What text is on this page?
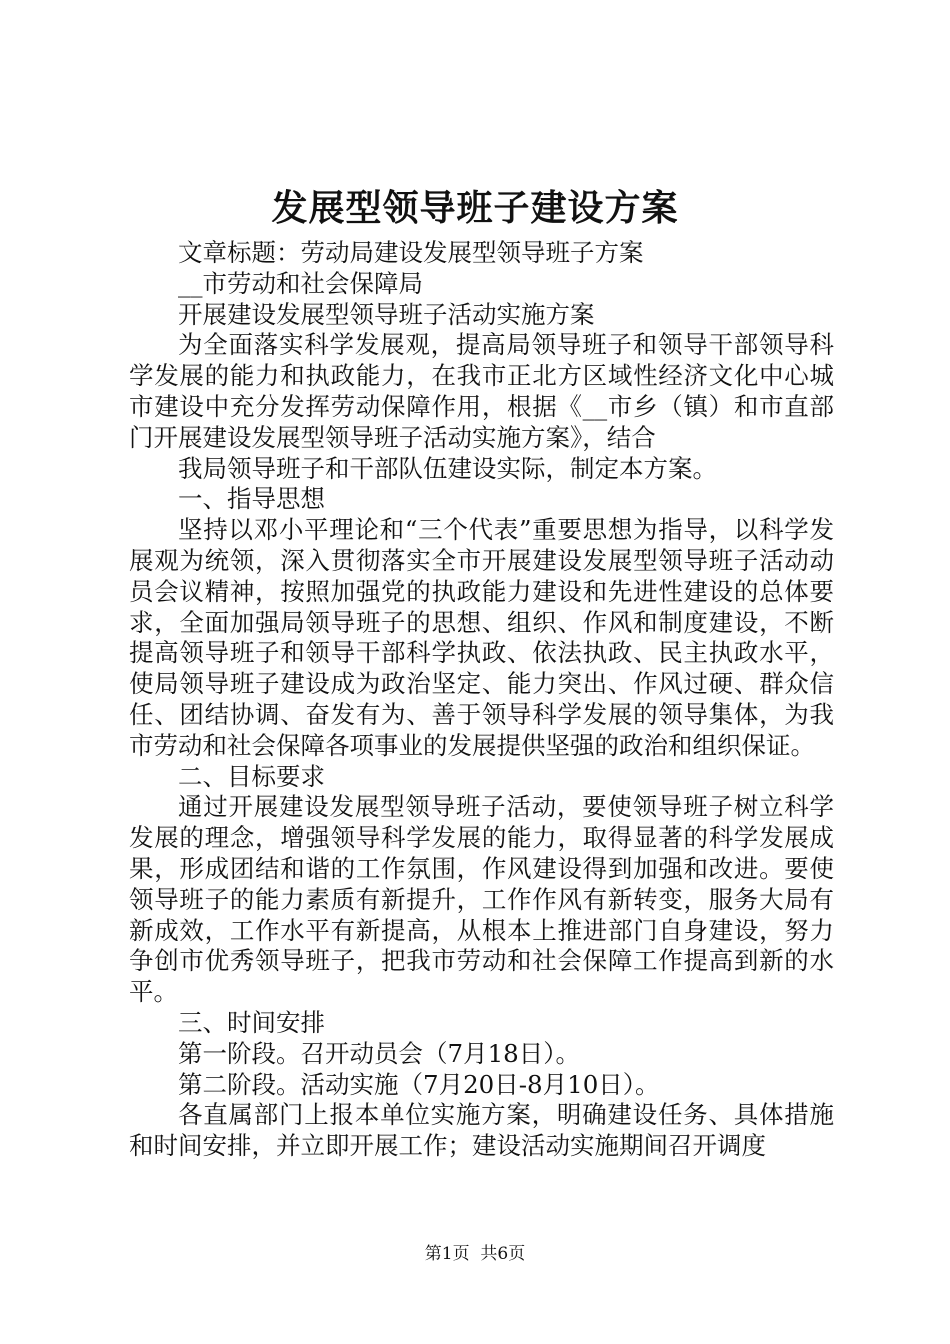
发展型领导班子建设方案

文章标题：劳动局建设发展型领导班子方案

__市劳动和社会保障局

开展建设发展型领导班子活动实施方案

为全面落实科学发展观，提高局领导班子和领导干部领导科学发展的能力和执政能力，在我市正北方区域性经济文化中心城市建设中充分发挥劳动保障作用，根据《__市乡（镇）和市直部门开展建设发展型领导班子活动实施方案》，结合

我局领导班子和干部队伍建设实际，制定本方案。

一、指导思想

坚持以邓小平理论和“三个代表”重要思想为指导，以科学发展观为统领，深入贯彻落实全市开展建设发展型领导班子活动动员会议精神，按照加强党的执政能力建设和先进性建设的总体要求，全面加强局领导班子的思想、组织、作风和制度建设，不断提高领导班子和领导干部科学执政、依法执政、民主执政水平，使局领导班子建设成为政治坚定、能力突出、作风过硬、群众信任、团结协调、奋发有为、善于领导科学发展的领导集体，为我市劳动和社会保障各项事业的发展提供坚强的政治和组织保证。

二、目标要求

通过开展建设发展型领导班子活动，要使领导班子树立科学发展的理念，增强领导科学发展的能力，取得显著的科学发展成果，形成团结和谐的工作氛围，作风建设得到加强和改进。要使领导班子的能力素质有新提升，工作作风有新转变，服务大局有新成效，工作水平有新提高，从根本上推进部门自身建设，努力争创市优秀领导班子，把我市劳动和社会保障工作提高到新的水平。

三、时间安排

第一阶段。召开动员会（7月18日）。

第二阶段。活动实施（7月20日-8月10日）。

各直属部门上报本单位实施方案，明确建设任务、具体措施和时间安排，并立即开展工作；建设活动实施期间召开调度

第1页  共6页
